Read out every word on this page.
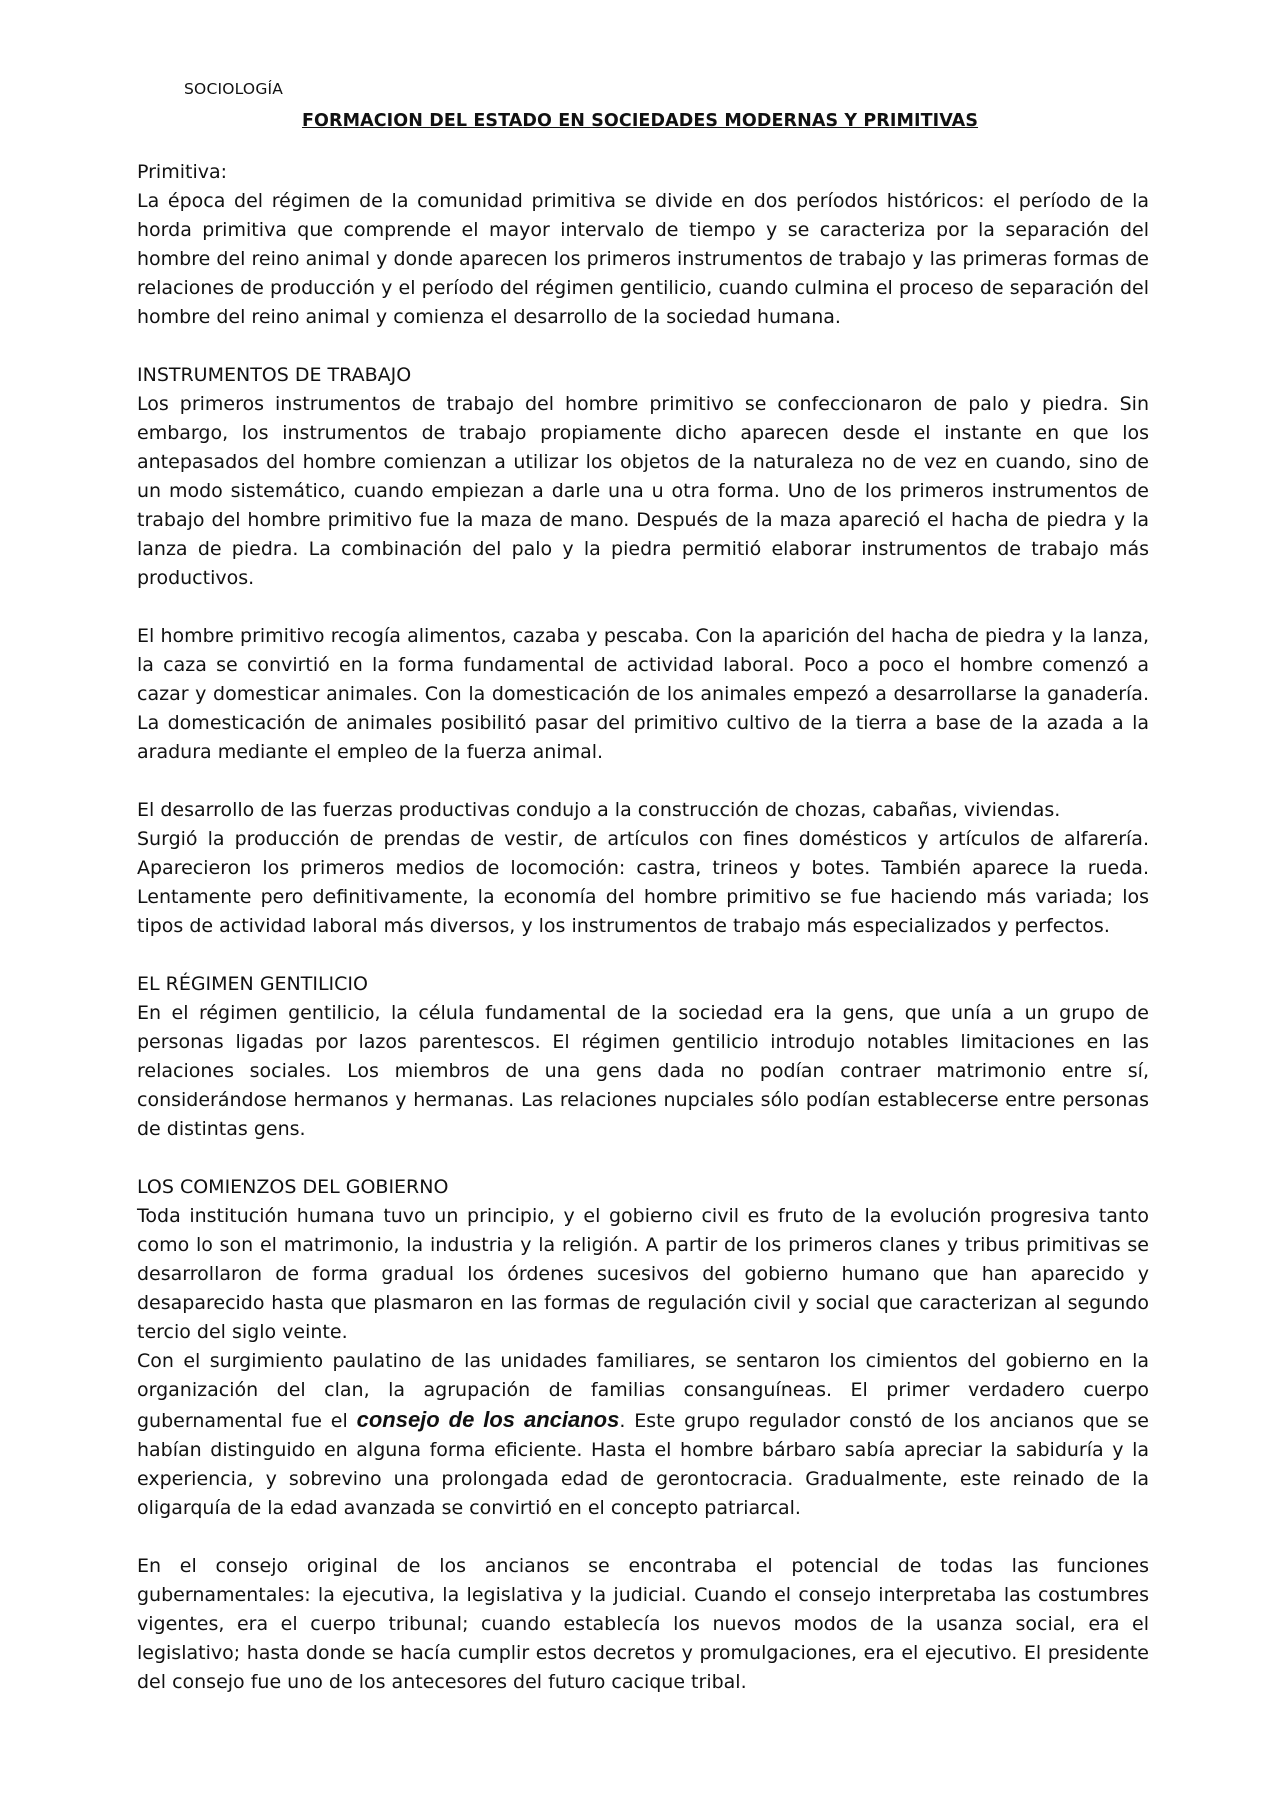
SOCIOLOGÍA

FORMACION DEL ESTADO EN SOCIEDADES MODERNAS Y PRIMITIVAS

Primitiva:

La época del régimen de la comunidad primitiva se divide en dos períodos históricos: el período de la horda primitiva que comprende el mayor intervalo de tiempo y se caracteriza por la separación del hombre del reino animal y donde aparecen los primeros instrumentos de trabajo y las primeras formas de relaciones de producción y el período del régimen gentilicio, cuando culmina el proceso de separación del hombre del reino animal y comienza el desarrollo de la sociedad humana.

INSTRUMENTOS DE TRABAJO

Los primeros instrumentos de trabajo del hombre primitivo se confeccionaron de palo y piedra. Sin embargo, los instrumentos de trabajo propiamente dicho aparecen desde el instante en que los antepasados del hombre comienzan a utilizar los objetos de la naturaleza no de vez en cuando, sino de un modo sistemático, cuando empiezan a darle una u otra forma. Uno de los primeros instrumentos de trabajo del hombre primitivo fue la maza de mano. Después de la maza apareció el hacha de piedra y la lanza de piedra. La combinación del palo y la piedra permitió elaborar instrumentos de trabajo más productivos.

El hombre primitivo recogía alimentos, cazaba y pescaba. Con la aparición del hacha de piedra y la lanza, la caza se convirtió en la forma fundamental de actividad laboral. Poco a poco el hombre comenzó a cazar y domesticar animales. Con la domesticación de los animales empezó a desarrollarse la ganadería. La domesticación de animales posibilitó pasar del primitivo cultivo de la tierra a base de la azada a la aradura mediante el empleo de la fuerza animal.

El desarrollo de las fuerzas productivas condujo a la construcción de chozas, cabañas, viviendas.

Surgió la producción de prendas de vestir, de artículos con fines domésticos y artículos de alfarería. Aparecieron los primeros medios de locomoción: castra, trineos y botes. También aparece la rueda. Lentamente pero definitivamente, la economía del hombre primitivo se fue haciendo más variada; los tipos de actividad laboral más diversos, y los instrumentos de trabajo más especializados y perfectos.

EL RÉGIMEN GENTILICIO

En el régimen gentilicio, la célula fundamental de la sociedad era la gens, que unía a un grupo de personas ligadas por lazos parentescos. El régimen gentilicio introdujo notables limitaciones en las relaciones sociales. Los miembros de una gens dada no podían contraer matrimonio entre sí, considerándose hermanos y hermanas. Las relaciones nupciales sólo podían establecerse entre personas de distintas gens.

LOS COMIENZOS DEL GOBIERNO

Toda institución humana tuvo un principio, y el gobierno civil es fruto de la evolución progresiva tanto como lo son el matrimonio, la industria y la religión. A partir de los primeros clanes y tribus primitivas se desarrollaron de forma gradual los órdenes sucesivos del gobierno humano que han aparecido y desaparecido hasta que plasmaron en las formas de regulación civil y social que caracterizan al segundo tercio del siglo veinte.

Con el surgimiento paulatino de las unidades familiares, se sentaron los cimientos del gobierno en la organización del clan, la agrupación de familias consanguíneas. El primer verdadero cuerpo gubernamental fue el consejo de los ancianos. Este grupo regulador constó de los ancianos que se habían distinguido en alguna forma eficiente. Hasta el hombre bárbaro sabía apreciar la sabiduría y la experiencia, y sobrevino una prolongada edad de gerontocracia. Gradualmente, este reinado de la oligarquía de la edad avanzada se convirtió en el concepto patriarcal.

En el consejo original de los ancianos se encontraba el potencial de todas las funciones gubernamentales: la ejecutiva, la legislativa y la judicial. Cuando el consejo interpretaba las costumbres vigentes, era el cuerpo tribunal; cuando establecía los nuevos modos de la usanza social, era el legislativo; hasta donde se hacía cumplir estos decretos y promulgaciones, era el ejecutivo. El presidente del consejo fue uno de los antecesores del futuro cacique tribal.
